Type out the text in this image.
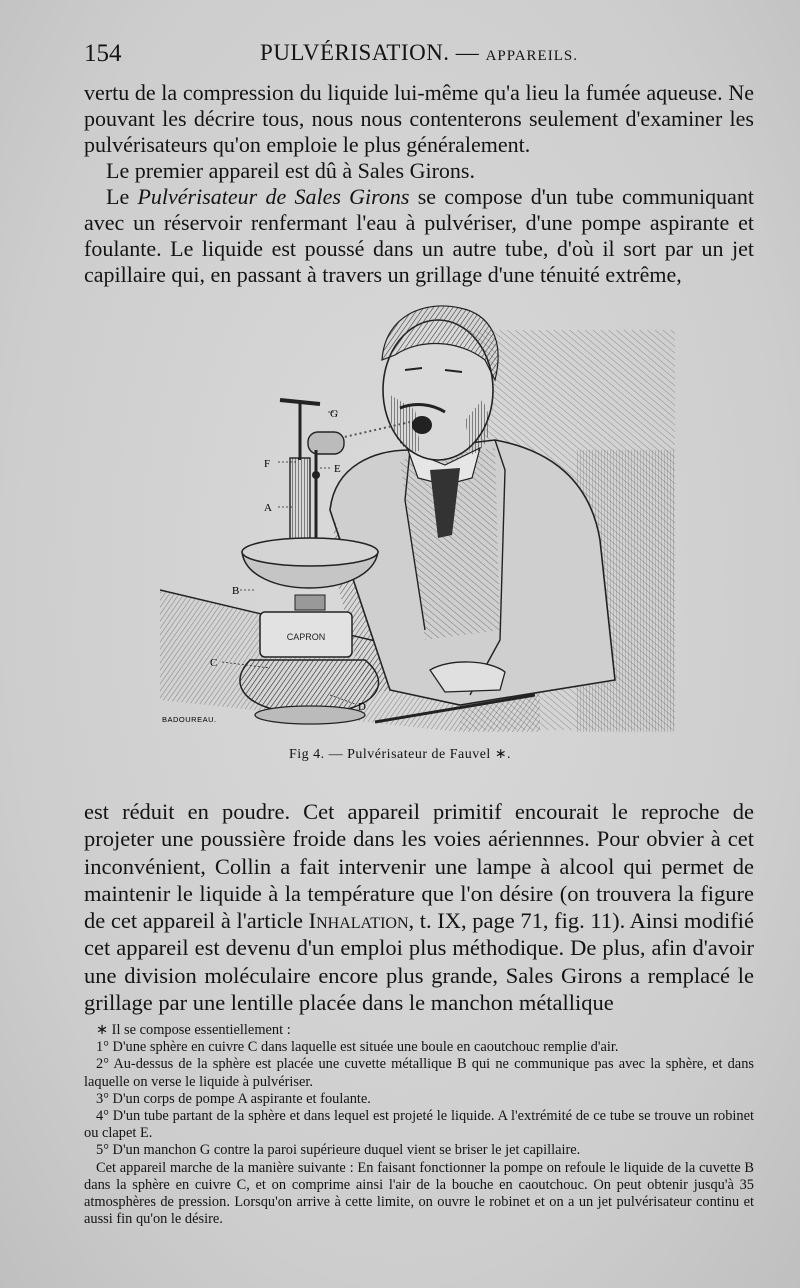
154	PULVÉRISATION. — APPAREILS.

vertu de la compression du liquide lui-même qu'a lieu la fumée aqueuse. Ne pouvant les décrire tous, nous nous contenterons seulement d'examiner les pulvérisateurs qu'on emploie le plus généralement.

Le premier appareil est dû à Sales Girons.

Le Pulvérisateur de Sales Girons se compose d'un tube communiquant avec un réservoir renfermant l'eau à pulvériser, d'une pompe aspirante et foulante. Le liquide est poussé dans un autre tube, d'où il sort par un jet capillaire qui, en passant à travers un grillage d'une ténuité extrême,

CAPRON
G
F	E
A
B
C
D
BADOUREAU.
Fig 4. — Pulvérisateur de Fauvel ∗.

est réduit en poudre. Cet appareil primitif encourait le reproche de projeter une poussière froide dans les voies aériennnes. Pour obvier à cet inconvénient, Collin a fait intervenir une lampe à alcool qui permet de maintenir le liquide à la température que l'on désire (on trouvera la figure de cet appareil à l'article Inhalation, t. IX, page 71, fig. 11). Ainsi modifié cet appareil est devenu d'un emploi plus méthodique. De plus, afin d'avoir une division moléculaire encore plus grande, Sales Girons a remplacé le grillage par une lentille placée dans le manchon métallique

∗ Il se compose essentiellement :

1° D'une sphère en cuivre C dans laquelle est située une boule en caoutchouc remplie d'air.

2° Au-dessus de la sphère est placée une cuvette métallique B qui ne communique pas avec la sphère, et dans laquelle on verse le liquide à pulvériser.

3° D'un corps de pompe A aspirante et foulante.

4° D'un tube partant de la sphère et dans lequel est projeté le liquide. A l'extrémité de ce tube se trouve un robinet ou clapet E.

5° D'un manchon G contre la paroi supérieure duquel vient se briser le jet capillaire.

Cet appareil marche de la manière suivante : En faisant fonctionner la pompe on refoule le liquide de la cuvette B dans la sphère en cuivre C, et on comprime ainsi l'air de la bouche en caoutchouc. On peut obtenir jusqu'à 35 atmosphères de pression. Lorsqu'on arrive à cette limite, on ouvre le robinet et on a un jet pulvérisateur continu et aussi fin qu'on le désire.
